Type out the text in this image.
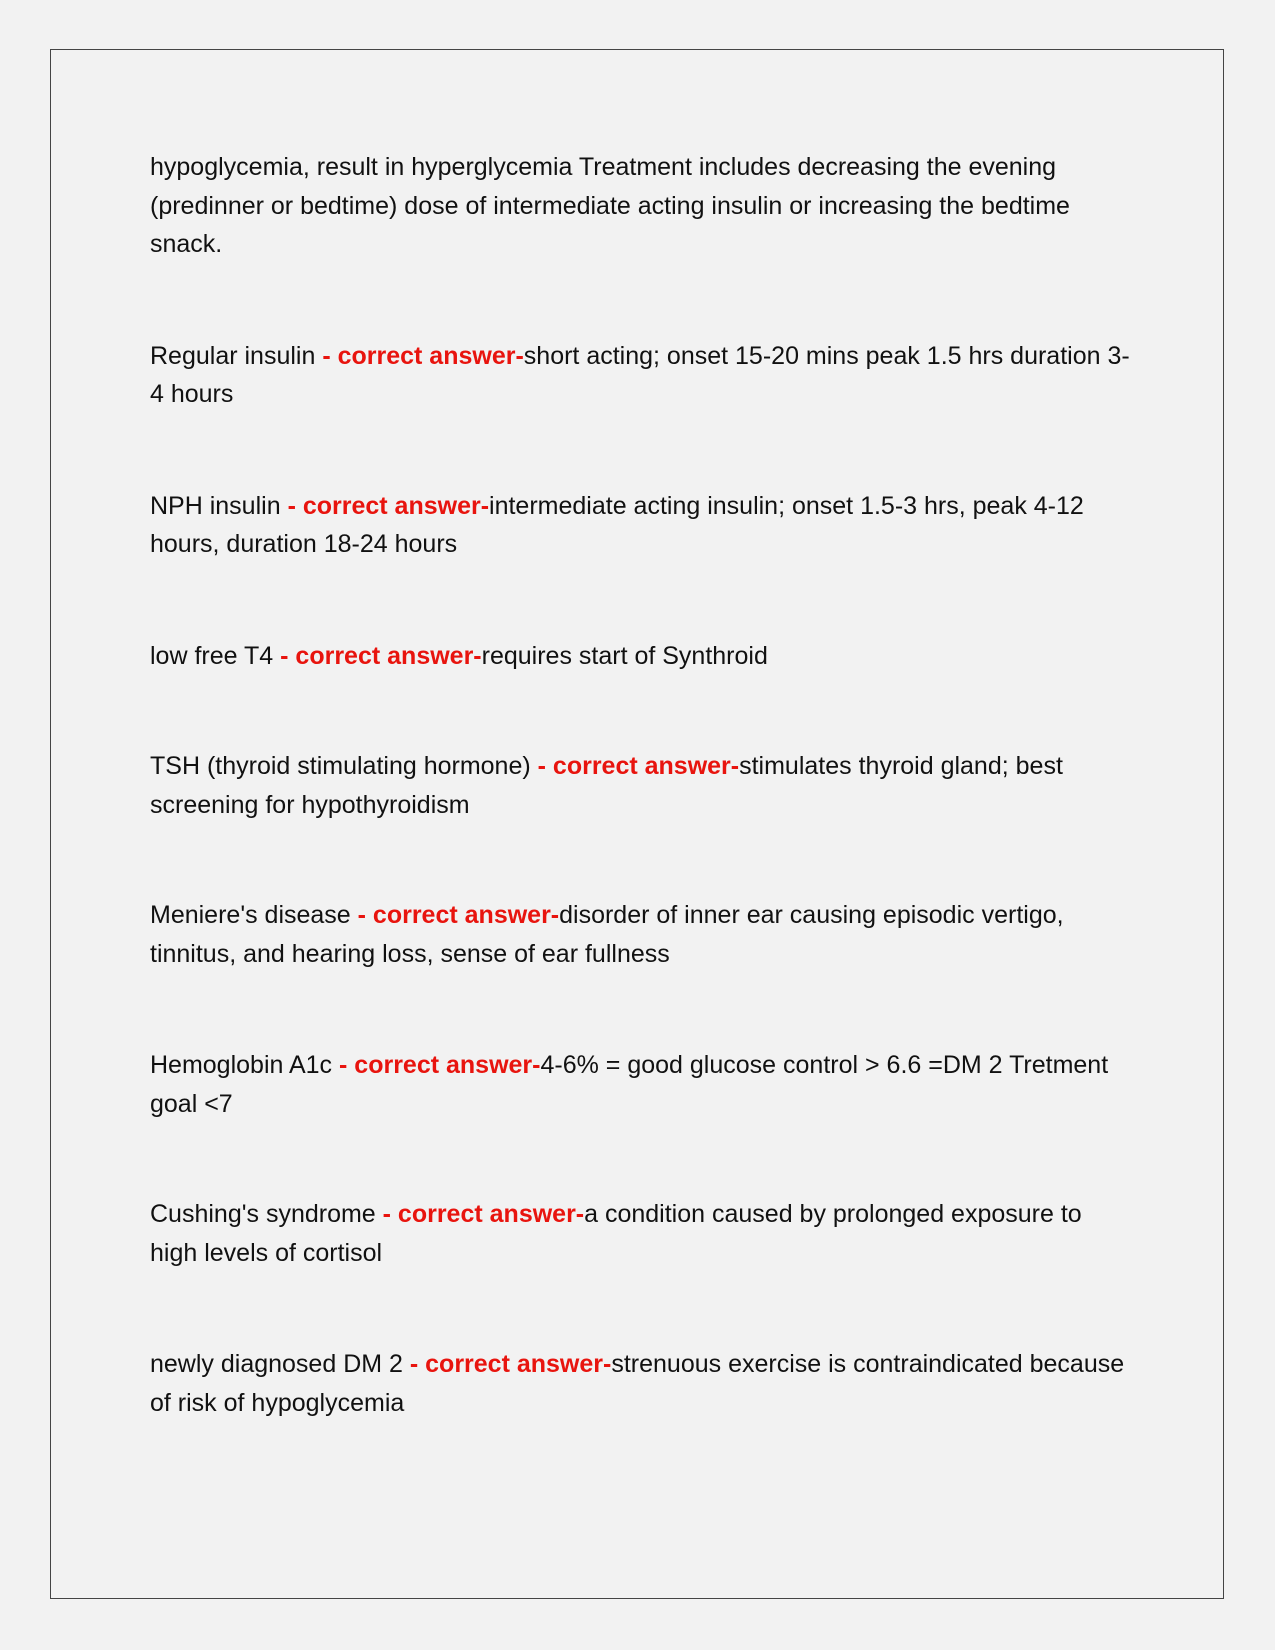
hypoglycemia, result in hyperglycemia Treatment includes decreasing the evening (predinner or bedtime) dose of intermediate acting insulin or increasing the bedtime snack.

Regular insulin - correct answer-short acting; onset 15-20 mins peak 1.5 hrs duration 3-4 hours

NPH insulin - correct answer-intermediate acting insulin; onset 1.5-3 hrs, peak 4-12 hours, duration 18-24 hours

low free T4 - correct answer-requires start of Synthroid

TSH (thyroid stimulating hormone) - correct answer-stimulates thyroid gland; best screening for hypothyroidism

Meniere's disease - correct answer-disorder of inner ear causing episodic vertigo, tinnitus, and hearing loss, sense of ear fullness

Hemoglobin A1c - correct answer-4-6% = good glucose control > 6.6 =DM 2 Tretment goal <7

Cushing's syndrome - correct answer-a condition caused by prolonged exposure to high levels of cortisol

newly diagnosed DM 2 - correct answer-strenuous exercise is contraindicated because of risk of hypoglycemia
